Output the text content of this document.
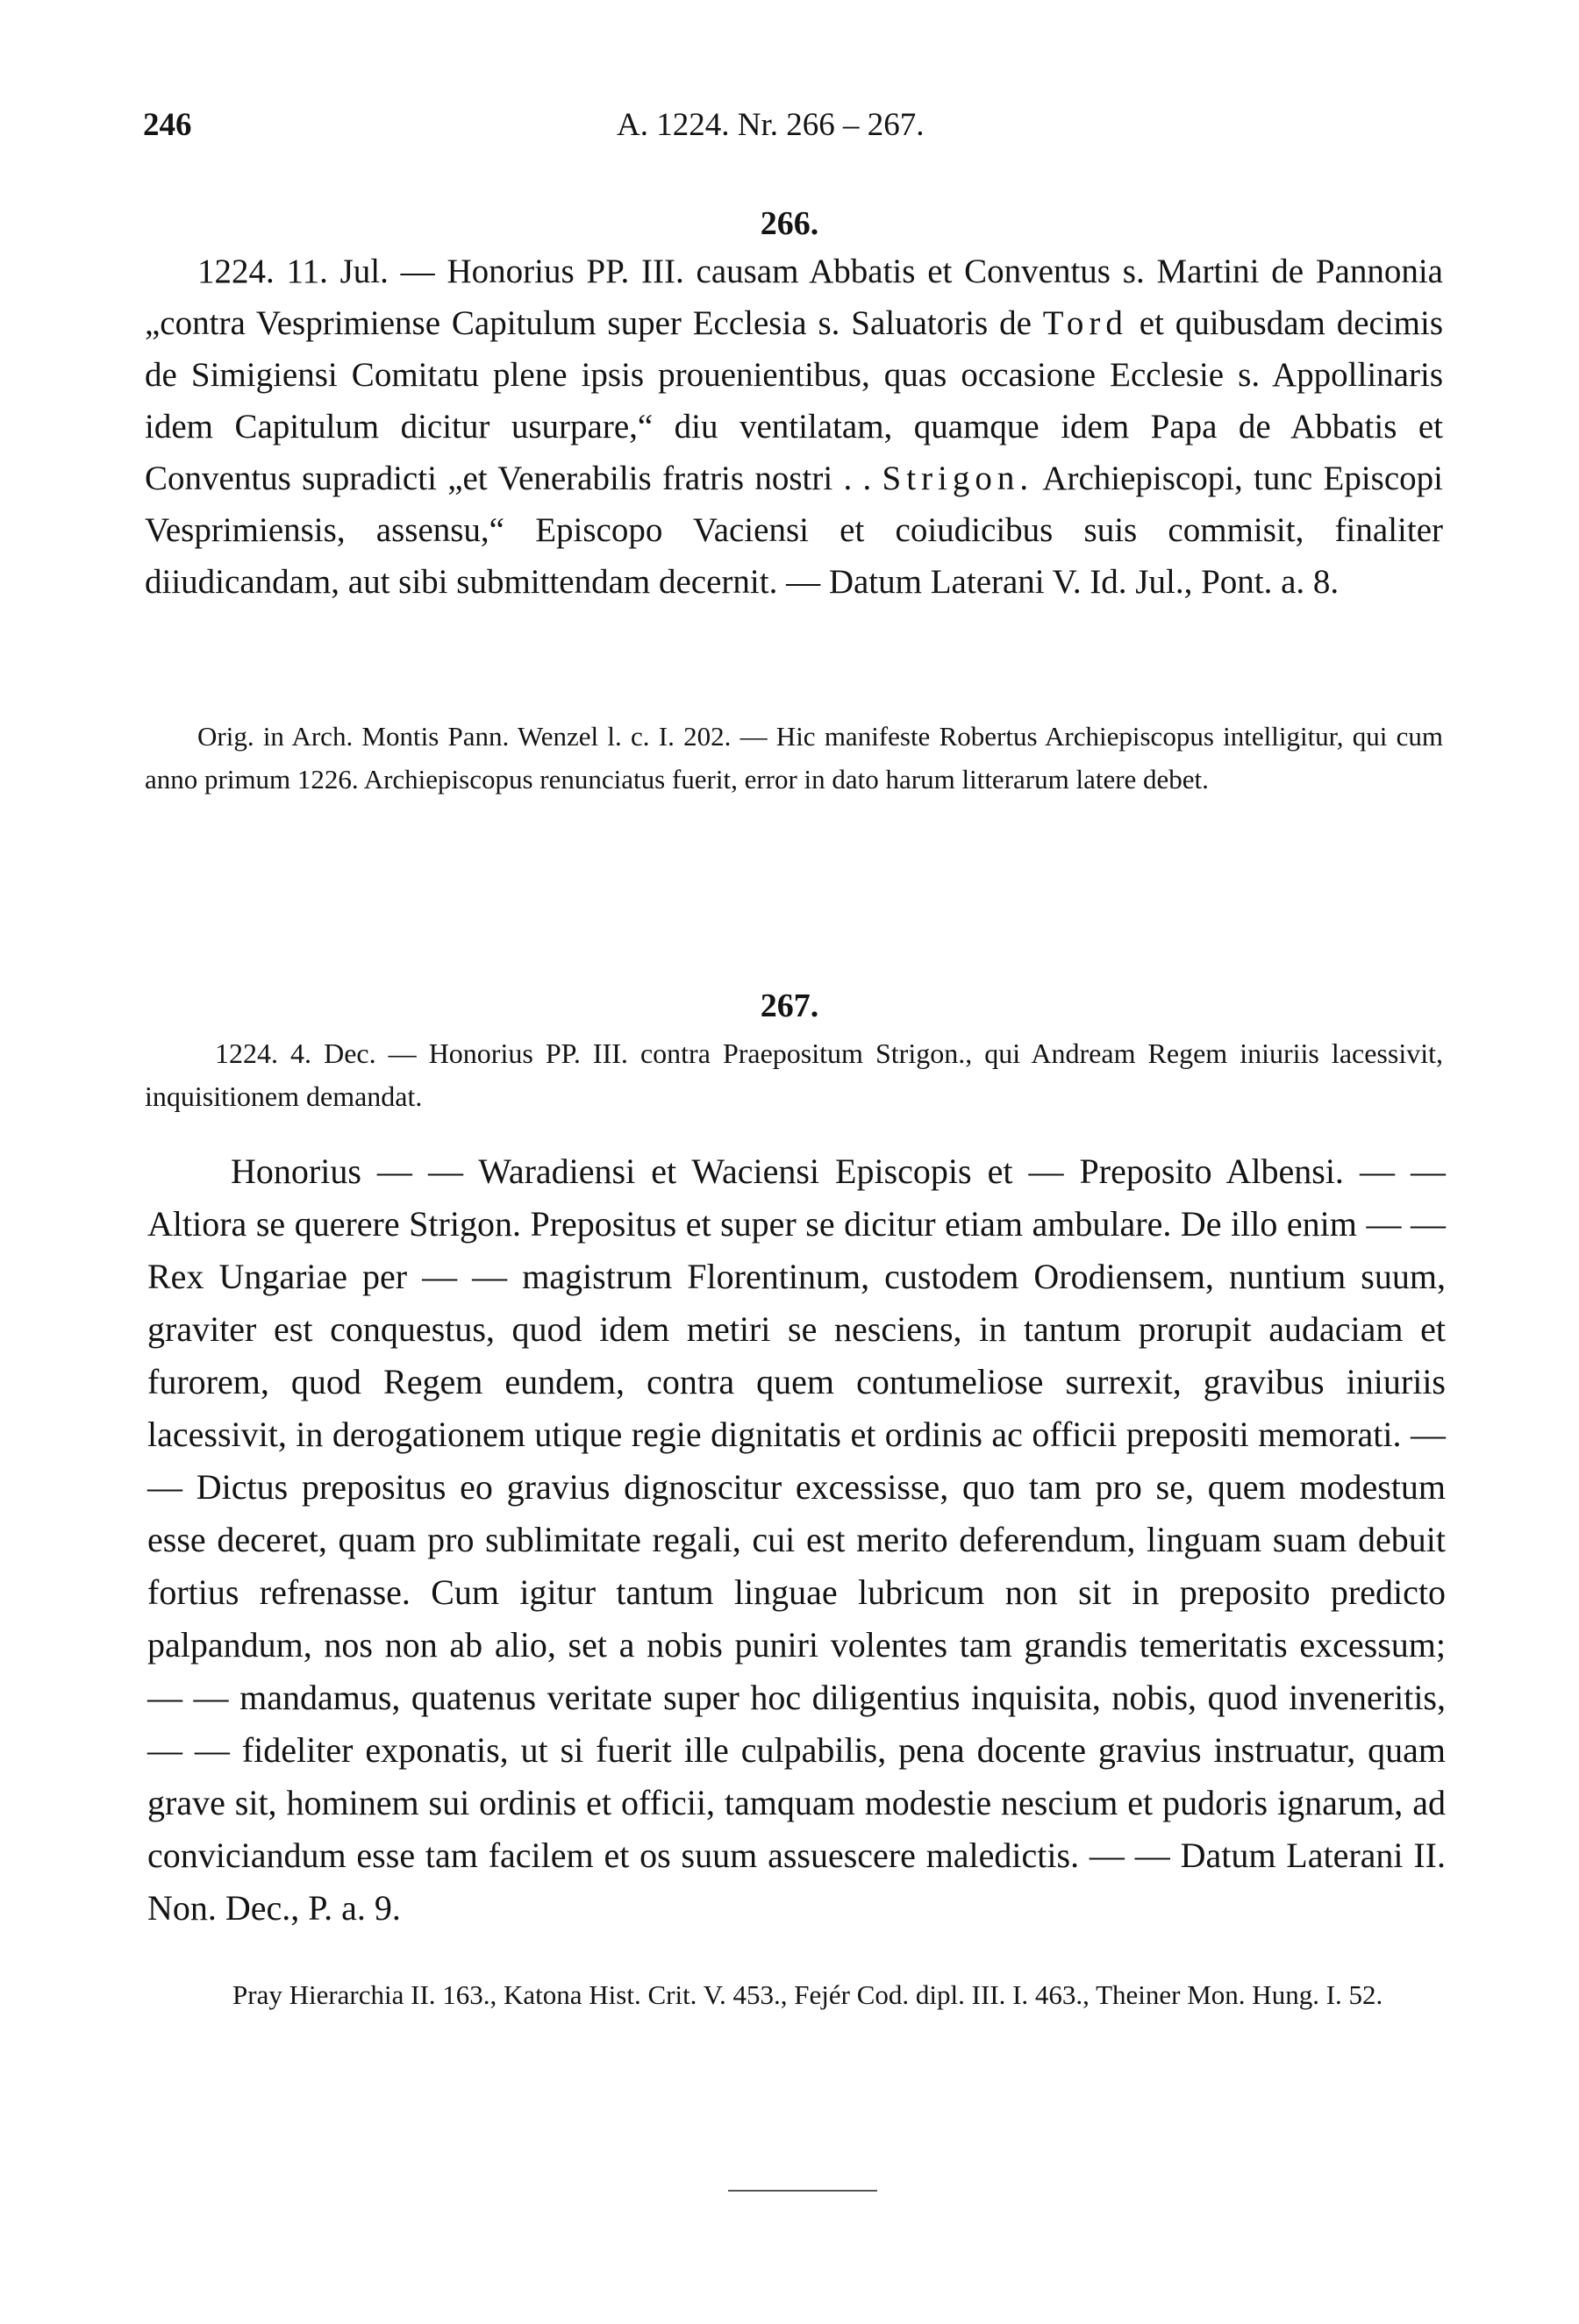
246	A. 1224. Nr. 266 – 267.
266.

1224. 11. Jul. — Honorius PP. III. causam Abbatis et Conventus s. Martini de Pannonia „contra Vesprimiense Capitulum super Ecclesia s. Saluatoris de Tord et quibusdam decimis de Simigiensi Comitatu plene ipsis prouenientibus, quas occasione Ecclesie s. Appollinaris idem Capitulum dicitur usurpare,“ diu ventilatam, quamque idem Papa de Abbatis et Conventus supradicti „et Venerabilis fratris nostri . . Strigon. Archiepiscopi, tunc Episcopi Vesprimiensis, assensu,“ Episcopo Vaciensi et coiudicibus suis commisit, finaliter diiudicandam, aut sibi submittendam decernit. — Datum Laterani V. Id. Jul., Pont. a. 8.

Orig. in Arch. Montis Pann. Wenzel l. c. I. 202. — Hic manifeste Robertus Archiepiscopus intelligitur, qui cum anno primum 1226. Archiepiscopus renunciatus fuerit, error in dato harum litterarum latere debet.

267.

1224. 4. Dec. — Honorius PP. III. contra Praepositum Strigon., qui Andream Regem iniuriis lacessivit, inquisitionem demandat.

Honorius — — Waradiensi et Waciensi Episcopis et — Preposito Albensi. — — Altiora se querere Strigon. Prepositus et super se dicitur etiam ambulare. De illo enim — — Rex Ungariae per — — magistrum Florentinum, custodem Orodiensem, nuntium suum, graviter est conquestus, quod idem metiri se nesciens, in tantum prorupit audaciam et furorem, quod Regem eundem, contra quem contumeliose surrexit, gravibus iniuriis lacessivit, in derogationem utique regie dignitatis et ordinis ac officii prepositi memorati. — — Dictus prepositus eo gravius dignoscitur excessisse, quo tam pro se, quem modestum esse deceret, quam pro sublimitate regali, cui est merito deferendum, linguam suam debuit fortius refrenasse. Cum igitur tantum linguae lubricum non sit in preposito predicto palpandum, nos non ab alio, set a nobis puniri volentes tam grandis temeritatis excessum; — — mandamus, quatenus veritate super hoc diligentius inquisita, nobis, quod inveneritis, — — fideliter exponatis, ut si fuerit ille culpabilis, pena docente gravius instruatur, quam grave sit, hominem sui ordinis et officii, tamquam modestie nescium et pudoris ignarum, ad conviciandum esse tam facilem et os suum assuescere maledictis. — — Datum Laterani II. Non. Dec., P. a. 9.

Pray Hierarchia II. 163., Katona Hist. Crit. V. 453., Fejér Cod. dipl. III. I. 463., Theiner Mon. Hung. I. 52.
